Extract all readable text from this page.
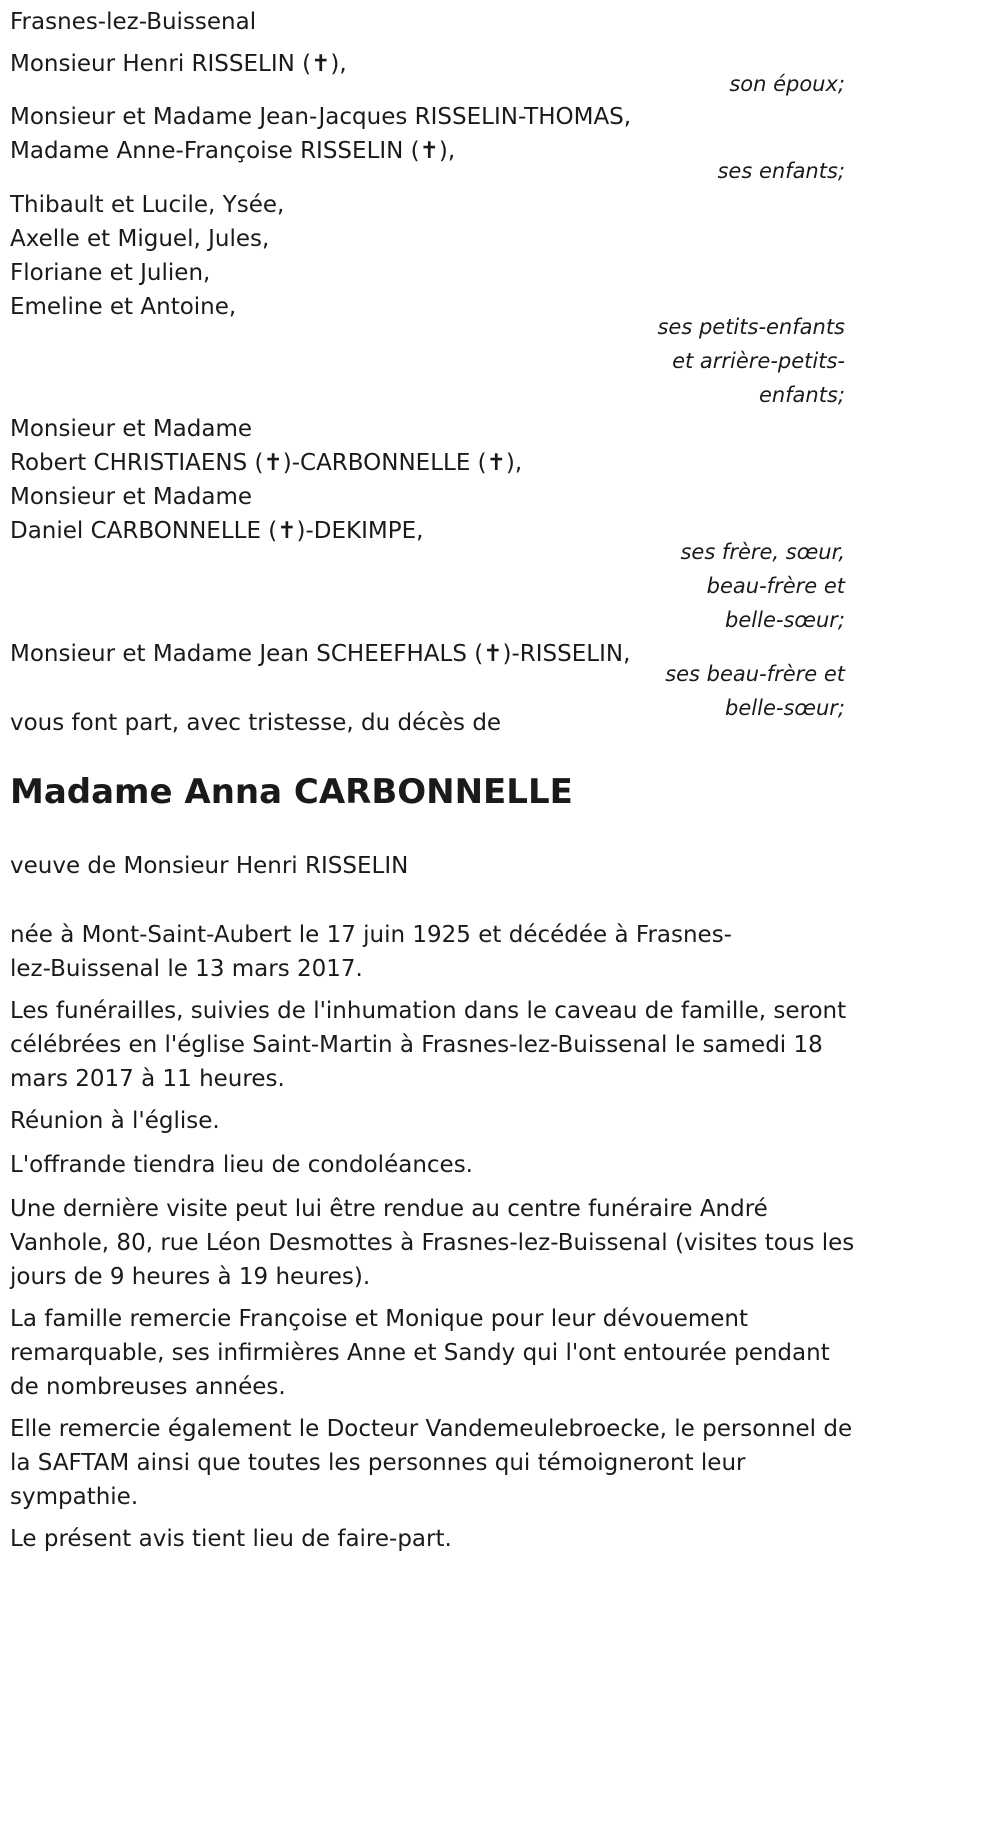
Frasnes-lez-Buissenal
Monsieur Henri RISSELIN (✝),
son époux;
Monsieur et Madame Jean-Jacques RISSELIN-THOMAS,
Madame Anne-Françoise RISSELIN (✝),
ses enfants;
Thibault et Lucile, Ysée,
Axelle et Miguel, Jules,
Floriane et Julien,
Emeline et Antoine,
ses petits-enfants
et arrière-petits-
enfants;
Monsieur et Madame
Robert CHRISTIAENS (✝)-CARBONNELLE (✝),
Monsieur et Madame
Daniel CARBONNELLE (✝)-DEKIMPE,
ses frère, sœur,
beau-frère et
belle-sœur;
Monsieur et Madame Jean SCHEEFHALS (✝)-RISSELIN,
ses beau-frère et
belle-sœur;
vous font part, avec tristesse, du décès de
Madame Anna CARBONNELLE
veuve de Monsieur Henri RISSELIN
née à Mont-Saint-Aubert le 17 juin 1925 et décédée à Frasnes-
lez-Buissenal le 13 mars 2017.
Les funérailles, suivies de l'inhumation dans le caveau de famille, seront
célébrées en l'église Saint-Martin à Frasnes-lez-Buissenal le samedi 18
mars 2017 à 11 heures.
Réunion à l'église.
L'offrande tiendra lieu de condoléances.
Une dernière visite peut lui être rendue au centre funéraire André
Vanhole, 80, rue Léon Desmottes à Frasnes-lez-Buissenal (visites tous les
jours de 9 heures à 19 heures).
La famille remercie Françoise et Monique pour leur dévouement
remarquable, ses infirmières Anne et Sandy qui l'ont entourée pendant
de nombreuses années.
Elle remercie également le Docteur Vandemeulebroecke, le personnel de
la SAFTAM ainsi que toutes les personnes qui témoigneront leur
sympathie.
Le présent avis tient lieu de faire-part.
